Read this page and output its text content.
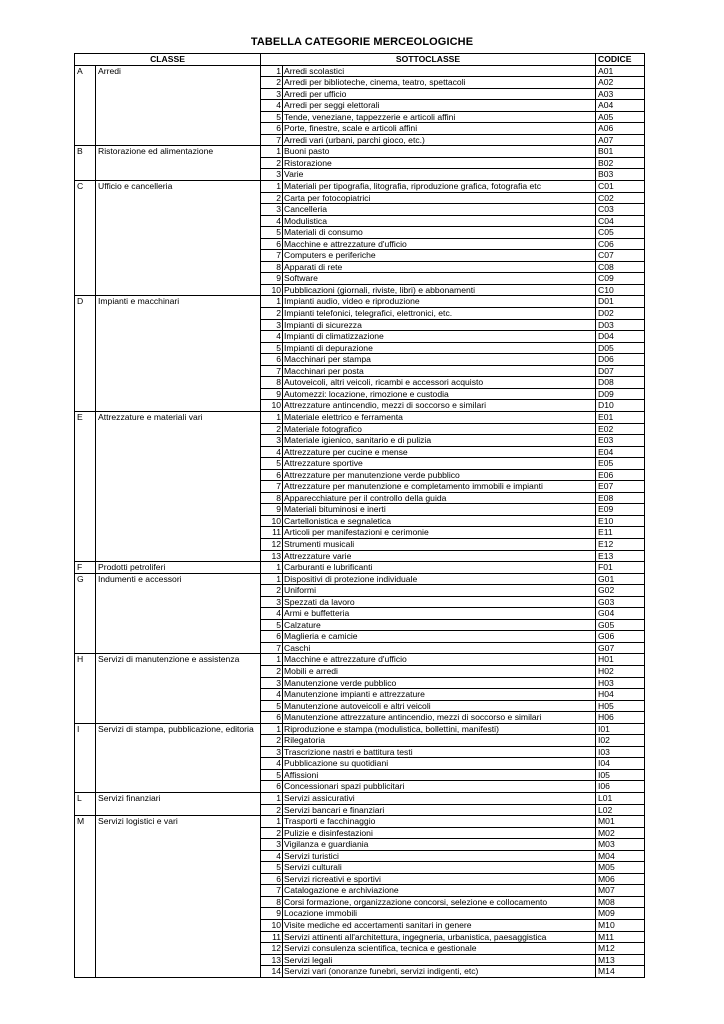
TABELLA CATEGORIE MERCEOLOGICHE
CLASSE		SOTTOCLASSE		CODICE
A	Arredi	1	Arredi scolastici	A01
		2	Arredi per biblioteche, cinema, teatro, spettacoli	A02
		3	Arredi per ufficio	A03
		4	Arredi per seggi elettorali	A04
		5	Tende, veneziane, tappezzerie e articoli affini	A05
		6	Porte, finestre, scale e articoli affini	A06
		7	Arredi vari (urbani, parchi gioco, etc.)	A07
B	Ristorazione ed alimentazione	1	Buoni pasto	B01
		2	Ristorazione	B02
		3	Varie	B03
C	Ufficio e cancelleria	1	Materiali per tipografia, litografia, riproduzione grafica, fotografia etc	C01
		2	Carta per fotocopiatrici	C02
		3	Cancelleria	C03
		4	Modulistica	C04
		5	Materiali di consumo	C05
		6	Macchine e attrezzature d'ufficio	C06
		7	Computers e periferiche	C07
		8	Apparati di rete	C08
		9	Software	C09
		10	Pubblicazioni (giornali, riviste, libri) e abbonamenti	C10
D	Impianti e macchinari	1	Impianti audio, video e riproduzione	D01
		2	Impianti telefonici, telegrafici, elettronici, etc.	D02
		3	Impianti di sicurezza	D03
		4	Impianti di climatizzazione	D04
		5	Impianti di depurazione	D05
		6	Macchinari per stampa	D06
		7	Macchinari per posta	D07
		8	Autoveicoli, altri veicoli, ricambi e accessori acquisto	D08
		9	Automezzi: locazione, rimozione e custodia	D09
		10	Attrezzature antincendio, mezzi di soccorso e similari	D10
E	Attrezzature e materiali vari	1	Materiale elettrico e ferramenta	E01
		2	Materiale fotografico	E02
		3	Materiale igienico, sanitario e di pulizia	E03
		4	Attrezzature per cucine e mense	E04
		5	Attrezzature sportive	E05
		6	Attrezzature per manutenzione verde pubblico	E06
		7	Attrezzature per manutenzione e completamento immobili e impianti	E07
		8	Apparecchiature per il controllo della guida	E08
		9	Materiali bituminosi e inerti	E09
		10	Cartellonistica e segnaletica	E10
		11	Articoli per manifestazioni e cerimonie	E11
		12	Strumenti musicali	E12
		13	Attrezzature varie	E13
F	Prodotti petroliferi	1	Carburanti e lubrificanti	F01
G	Indumenti e accessori	1	Dispositivi di protezione individuale	G01
		2	Uniformi	G02
		3	Spezzati da lavoro	G03
		4	Armi e buffetteria	G04
		5	Calzature	G05
		6	Maglieria e camicie	G06
		7	Caschi	G07
H	Servizi di manutenzione e assistenza	1	Macchine e attrezzature d'ufficio	H01
		2	Mobili e arredi	H02
		3	Manutenzione verde pubblico	H03
		4	Manutenzione impianti e attrezzature	H04
		5	Manutenzione autoveicoli e altri veicoli	H05
		6	Manutenzione attrezzature antincendio, mezzi di soccorso e similari	H06
I	Servizi di stampa, pubblicazione, editoria	1	Riproduzione e stampa (modulistica, bollettini, manifesti)	I01
		2	Rilegatoria	I02
		3	Trascrizione nastri e battitura testi	I03
		4	Pubblicazione su quotidiani	I04
		5	Affissioni	I05
		6	Concessionari spazi pubblicitari	I06
L	Servizi finanziari	1	Servizi assicurativi	L01
		2	Servizi bancari e finanziari	L02
M	Servizi logistici e vari	1	Trasporti e facchinaggio	M01
		2	Pulizie e disinfestazioni	M02
		3	Vigilanza e guardiania	M03
		4	Servizi turistici	M04
		5	Servizi culturali	M05
		6	Servizi ricreativi e sportivi	M06
		7	Catalogazione e archiviazione	M07
		8	Corsi formazione, organizzazione concorsi, selezione e collocamento	M08
		9	Locazione immobili	M09
		10	Visite mediche ed accertamenti sanitari in genere	M10
		11	Servizi attinenti all'architettura, ingegneria, urbanistica, paesaggistica	M11
		12	Servizi consulenza scientifica, tecnica e gestionale	M12
		13	Servizi legali	M13
		14	Servizi vari (onoranze funebri, servizi indigenti, etc)	M14
